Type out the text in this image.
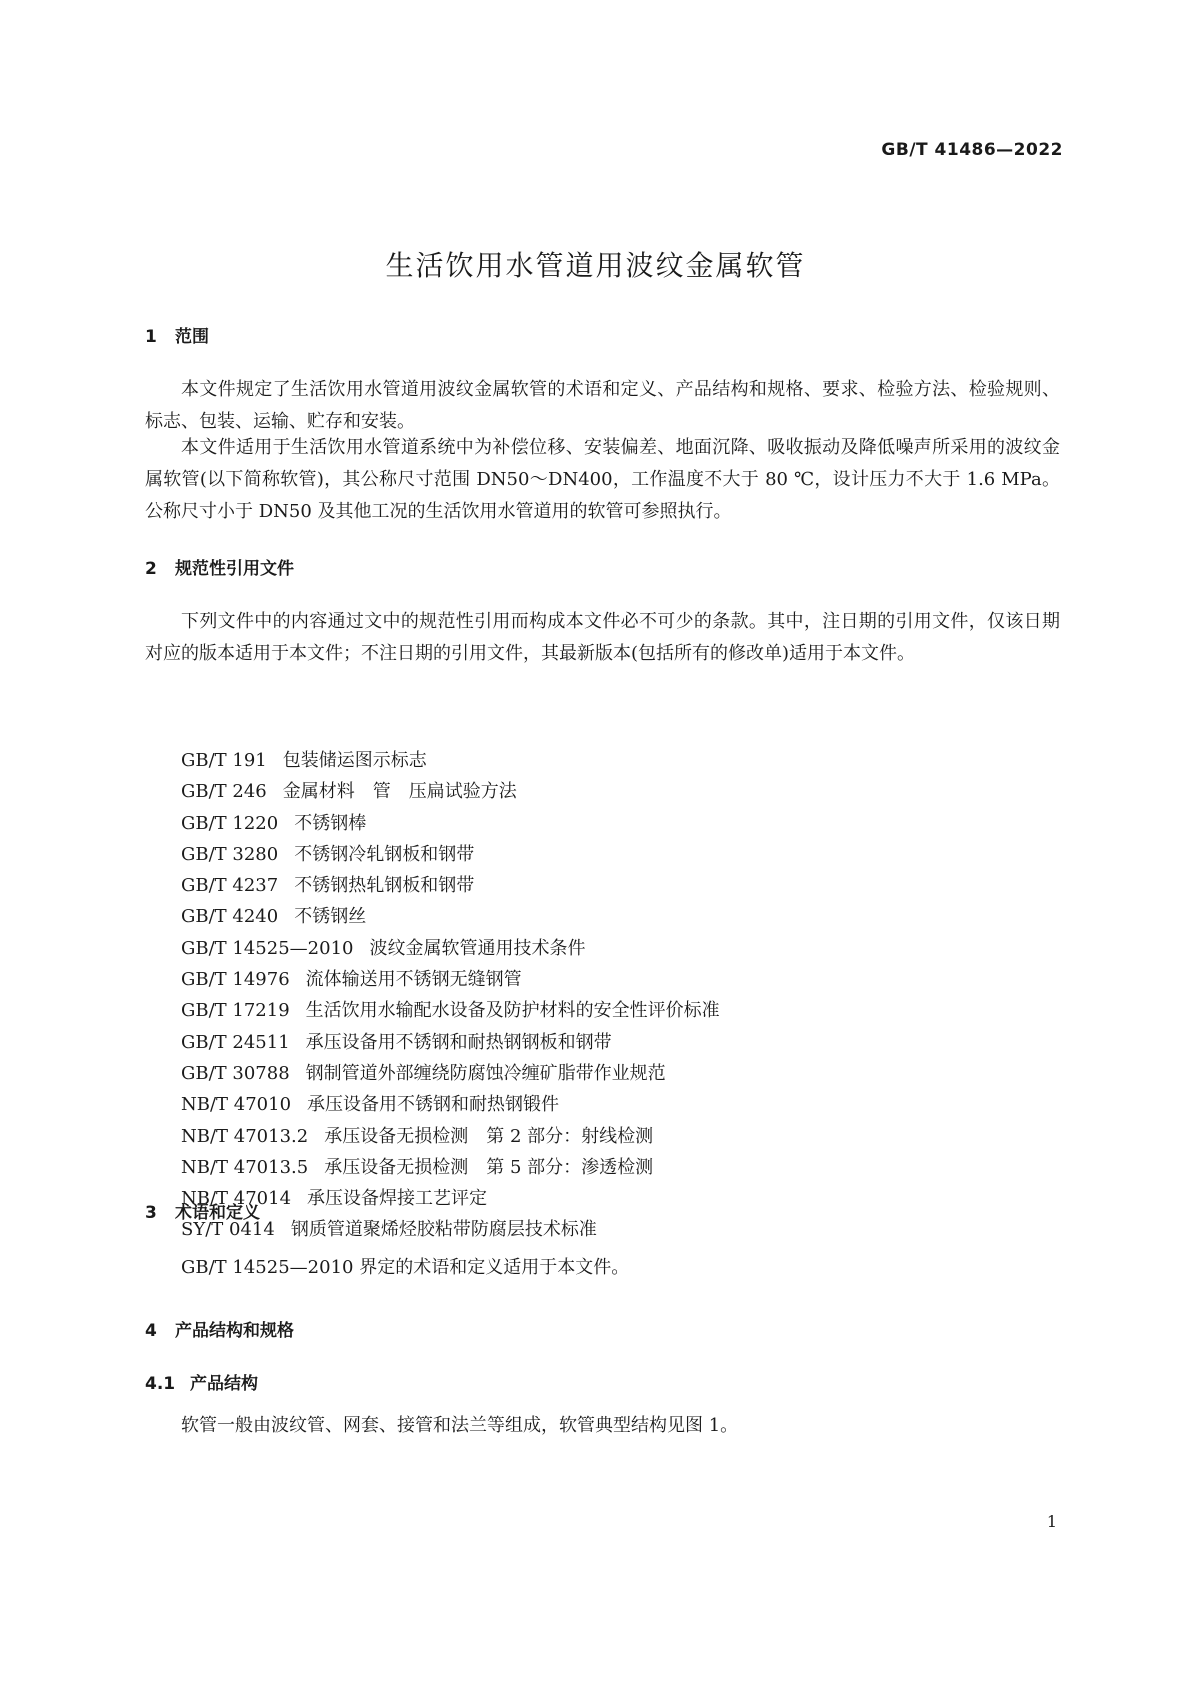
GB/T 41486—2022
生活饮用水管道用波纹金属软管
1 范围

本文件规定了生活饮用水管道用波纹金属软管的术语和定义、产品结构和规格、要求、检验方法、检验规则、标志、包装、运输、贮存和安装。

本文件适用于生活饮用水管道系统中为补偿位移、安装偏差、地面沉降、吸收振动及降低噪声所采用的波纹金属软管(以下简称软管)，其公称尺寸范围 DN50～DN400，工作温度不大于 80 ℃，设计压力不大于 1.6 MPa。公称尺寸小于 DN50 及其他工况的生活饮用水管道用的软管可参照执行。

2 规范性引用文件

下列文件中的内容通过文中的规范性引用而构成本文件必不可少的条款。其中，注日期的引用文件，仅该日期对应的版本适用于本文件；不注日期的引用文件，其最新版本(包括所有的修改单)适用于本文件。

GB/T 191 包装储运图示标志
GB/T 246 金属材料　管　压扁试验方法
GB/T 1220 不锈钢棒
GB/T 3280 不锈钢冷轧钢板和钢带
GB/T 4237 不锈钢热轧钢板和钢带
GB/T 4240 不锈钢丝
GB/T 14525—2010 波纹金属软管通用技术条件
GB/T 14976 流体输送用不锈钢无缝钢管
GB/T 17219 生活饮用水输配水设备及防护材料的安全性评价标准
GB/T 24511 承压设备用不锈钢和耐热钢钢板和钢带
GB/T 30788 钢制管道外部缠绕防腐蚀冷缠矿脂带作业规范
NB/T 47010 承压设备用不锈钢和耐热钢锻件
NB/T 47013.2 承压设备无损检测　第 2 部分：射线检测
NB/T 47013.5 承压设备无损检测　第 5 部分：渗透检测
NB/T 47014 承压设备焊接工艺评定
SY/T 0414 钢质管道聚烯烃胶粘带防腐层技术标准
3 术语和定义

GB/T 14525—2010 界定的术语和定义适用于本文件。

4 产品结构和规格
4.1 产品结构

软管一般由波纹管、网套、接管和法兰等组成，软管典型结构见图 1。

1
